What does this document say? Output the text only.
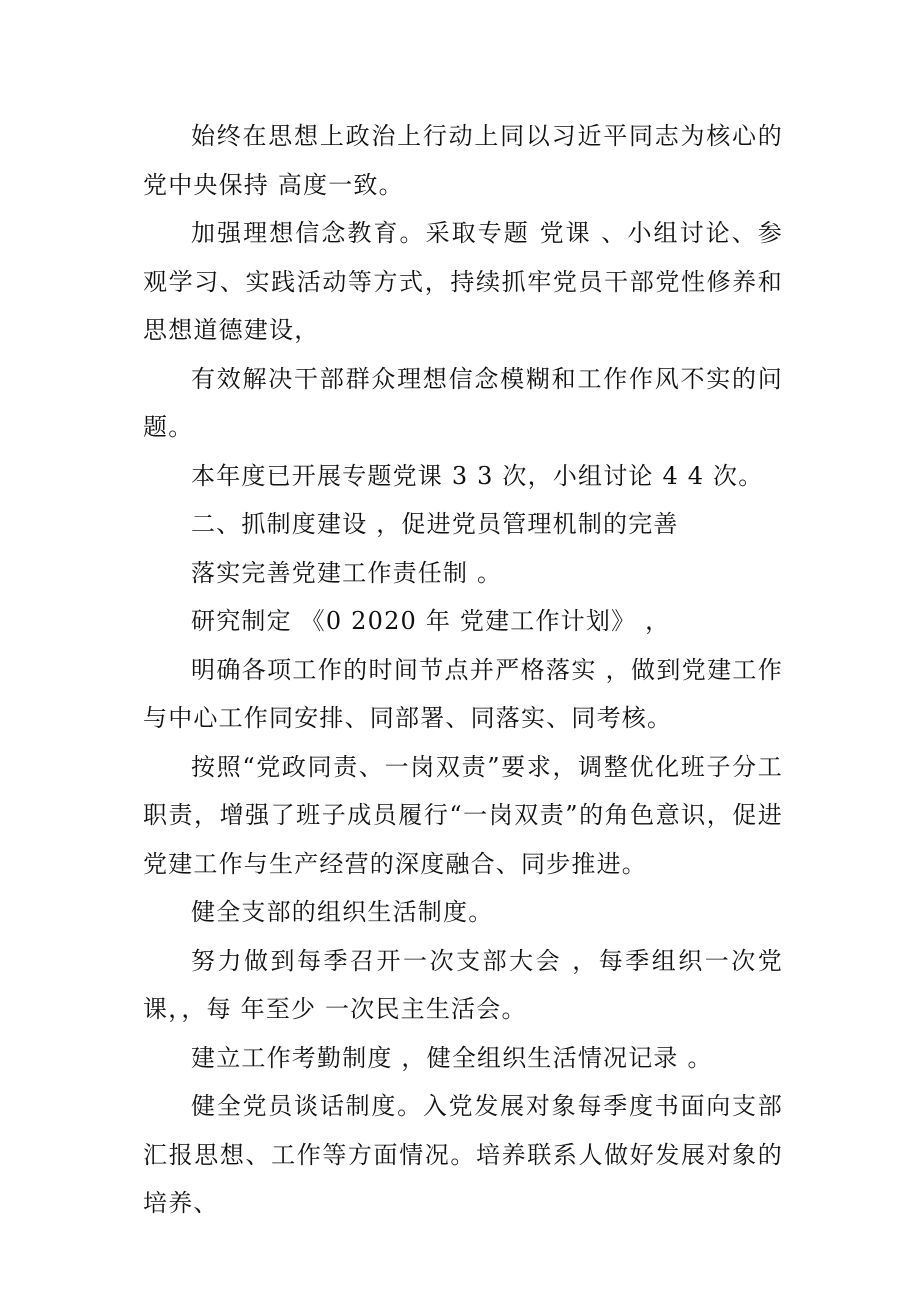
始终在思想上政治上行动上同以习近平同志为核心的党中央保持 高度一致。

加强理想信念教育。采取专题 党课 、小组讨论、参观学习、实践活动等方式，持续抓牢党员干部党性修养和思想道德建设，

有效解决干部群众理想信念模糊和工作作风不实的问题。

本年度已开展专题党课 3 3 次，小组讨论 4 4 次。

二、抓制度建设 ，促进党员管理机制的完善

落实完善党建工作责任制 。

研究制定 《0 2020 年 党建工作计划》 ，

明确各项工作的时间节点并严格落实 ，做到党建工作与中心工作同安排、同部署、同落实、同考核。

按照“党政同责、一岗双责”要求，调整优化班子分工职责，增强了班子成员履行“一岗双责”的角色意识，促进党建工作与生产经营的深度融合、同步推进。

健全支部的组织生活制度。

努力做到每季召开一次支部大会 ，每季组织一次党课，，每 年至少 一次民主生活会。

建立工作考勤制度 ，健全组织生活情况记录 。

健全党员谈话制度。入党发展对象每季度书面向支部汇报思想、工作等方面情况。培养联系人做好发展对象的培养、
